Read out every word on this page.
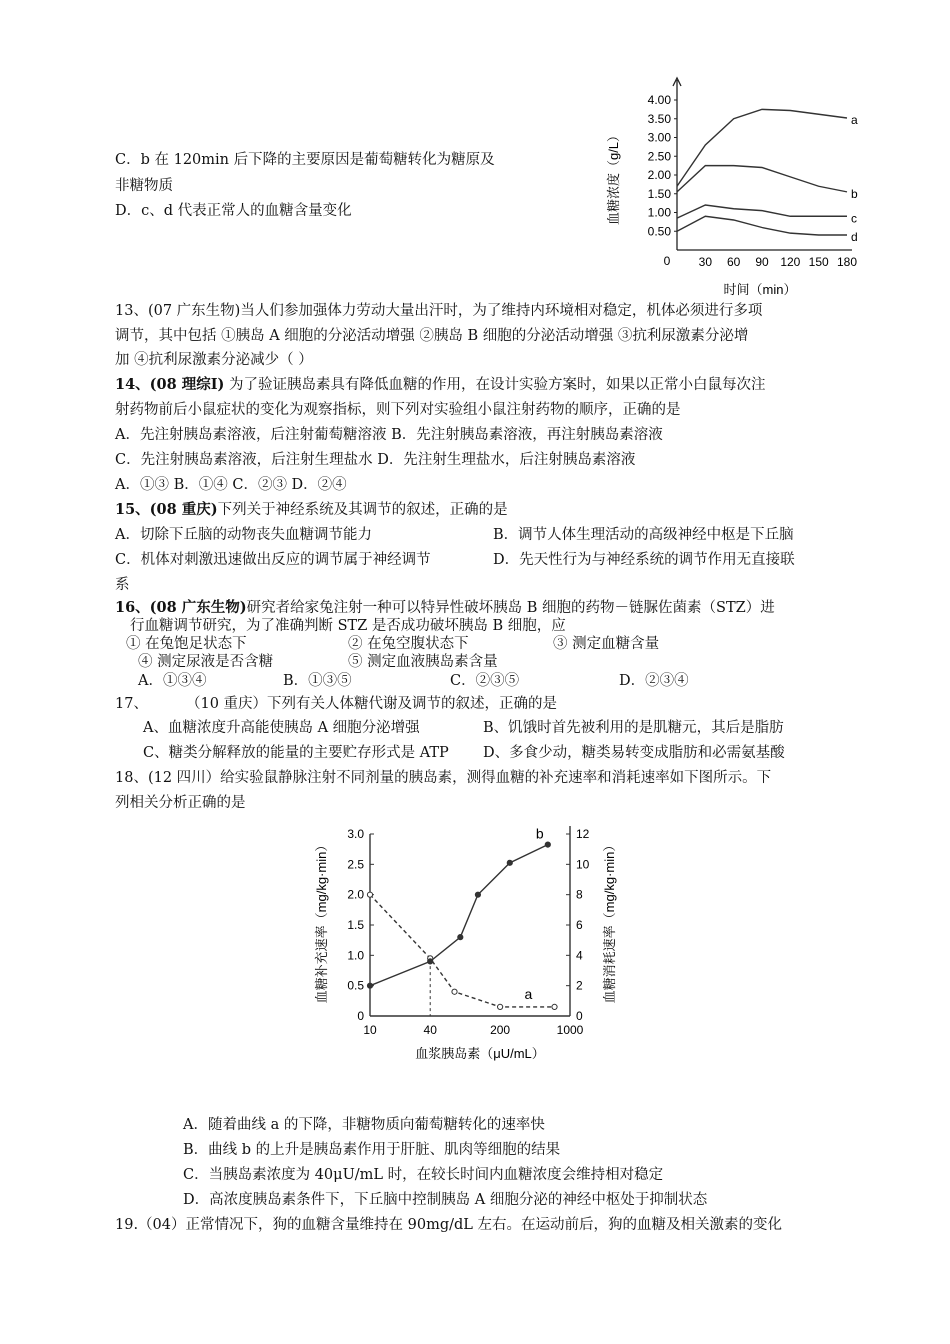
C．b 在 120min 后下降的主要原因是葡萄糖转化为糖原及
非糖物质
D．c、d 代表正常人的血糖含量变化
0 30 60 90 120 150 180
0.50
1.00
1.50
2.00
2.50
3.00
3.50
4.00
a
b
c
d
血糖浓度（g/L）
时间（min）
13、(07 广东生物)当人们参加强体力劳动大量出汗时，为了维持内环境相对稳定，机体必须进行多项
调节，其中包括 ①胰岛 A 细胞的分泌活动增强 ②胰岛 B 细胞的分泌活动增强 ③抗利尿激素分泌增
加 ④抗利尿激素分泌减少（ ）
14、(08 理综Ⅰ) 为了验证胰岛素具有降低血糖的作用，在设计实验方案时，如果以正常小白鼠每次注
射药物前后小鼠症状的变化为观察指标，则下列对实验组小鼠注射药物的顺序，正确的是
A．先注射胰岛素溶液，后注射葡萄糖溶液 B．先注射胰岛素溶液，再注射胰岛素溶液
C．先注射胰岛素溶液，后注射生理盐水 D．先注射生理盐水，后注射胰岛素溶液
A．①③ B．①④ C．②③ D．②④
15、(08 重庆)下列关于神经系统及其调节的叙述，正确的是
A．切除下丘脑的动物丧失血糖调节能力	B．调节人体生理活动的高级神经中枢是下丘脑
C．机体对刺激迅速做出反应的调节属于神经调节	D．先天性行为与神经系统的调节作用无直接联
系
16、(08 广东生物)研究者给家兔注射一种可以特异性破坏胰岛 B 细胞的药物－链脲佐菌素（STZ）进
行血糖调节研究，为了准确判断 STZ 是否成功破坏胰岛 B 细胞，应
① 在兔饱足状态下	② 在兔空腹状态下	③ 测定血糖含量
④ 测定尿液是否含糖	⑤ 测定血液胰岛素含量
A．①③④	B．①③⑤	C．②③⑤	D．②③④
17、	（10 重庆）下列有关人体糖代谢及调节的叙述，正确的是
A、血糖浓度升高能使胰岛 A 细胞分泌增强	B、饥饿时首先被利用的是肌糖元，其后是脂肪
C、糖类分解释放的能量的主要贮存形式是 ATP D、多食少动，糖类易转变成脂肪和必需氨基酸
18、(12 四川）给实验鼠静脉注射不同剂量的胰岛素，测得血糖的补充速率和消耗速率如下图所示。下
列相关分析正确的是
0
0.5
1.0
1.5
2.0
2.5
3.0
0
2
4
6
8
10
12
10	40	200	1000
a
b
血糖补充速率（mg/kg·min）	血糖消耗速率（mg/kg·min）
血浆胰岛素（μU/mL）
A．随着曲线 a 的下降，非糖物质向葡萄糖转化的速率快
B．曲线 b 的上升是胰岛素作用于肝脏、肌肉等细胞的结果
C．当胰岛素浓度为 40μU/mL 时，在较长时间内血糖浓度会维持相对稳定
D．高浓度胰岛素条件下，下丘脑中控制胰岛 A 细胞分泌的神经中枢处于抑制状态
19.（04）正常情况下，狗的血糖含量维持在 90mg/dL 左右。在运动前后，狗的血糖及相关激素的变化
